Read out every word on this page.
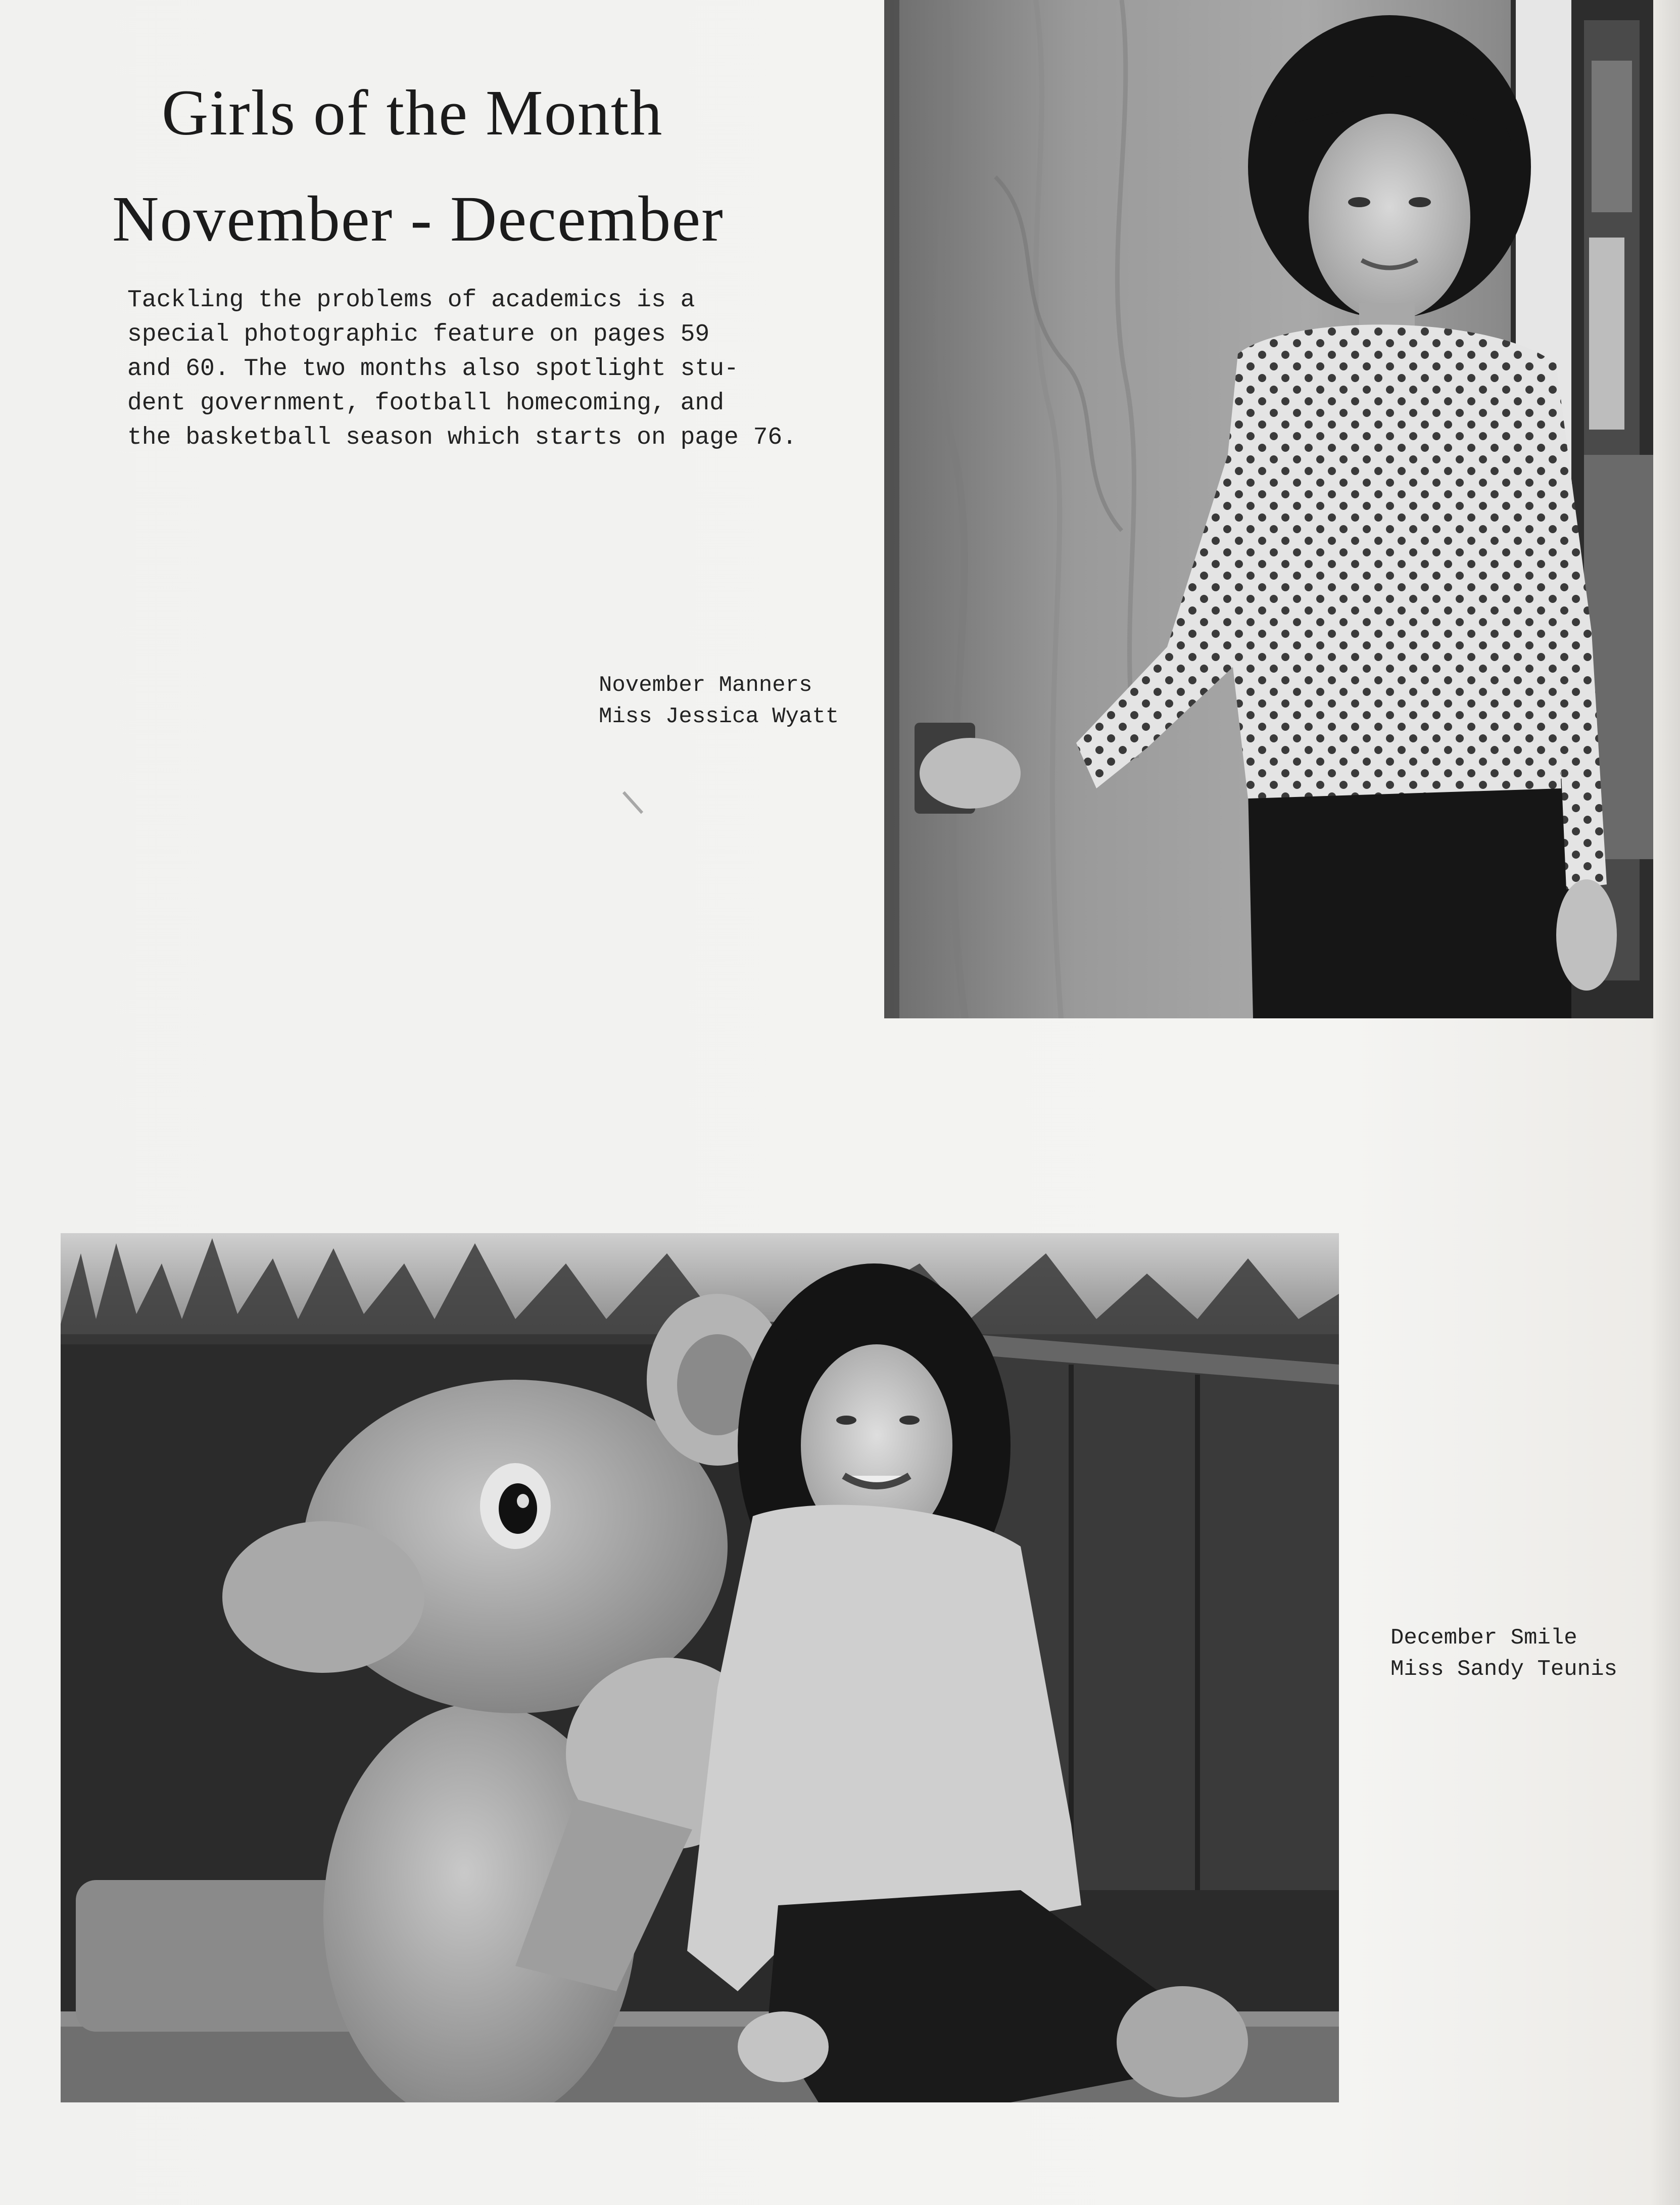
Girls of the Month
November - December
Tackling the problems of academics is a
special photographic feature on pages 59
and 60. The two months also spotlight stu-
dent government, football homecoming, and
the basketball season which starts on page 76.
November Manners
Miss Jessica Wyatt
December Smile
Miss Sandy Teunis
